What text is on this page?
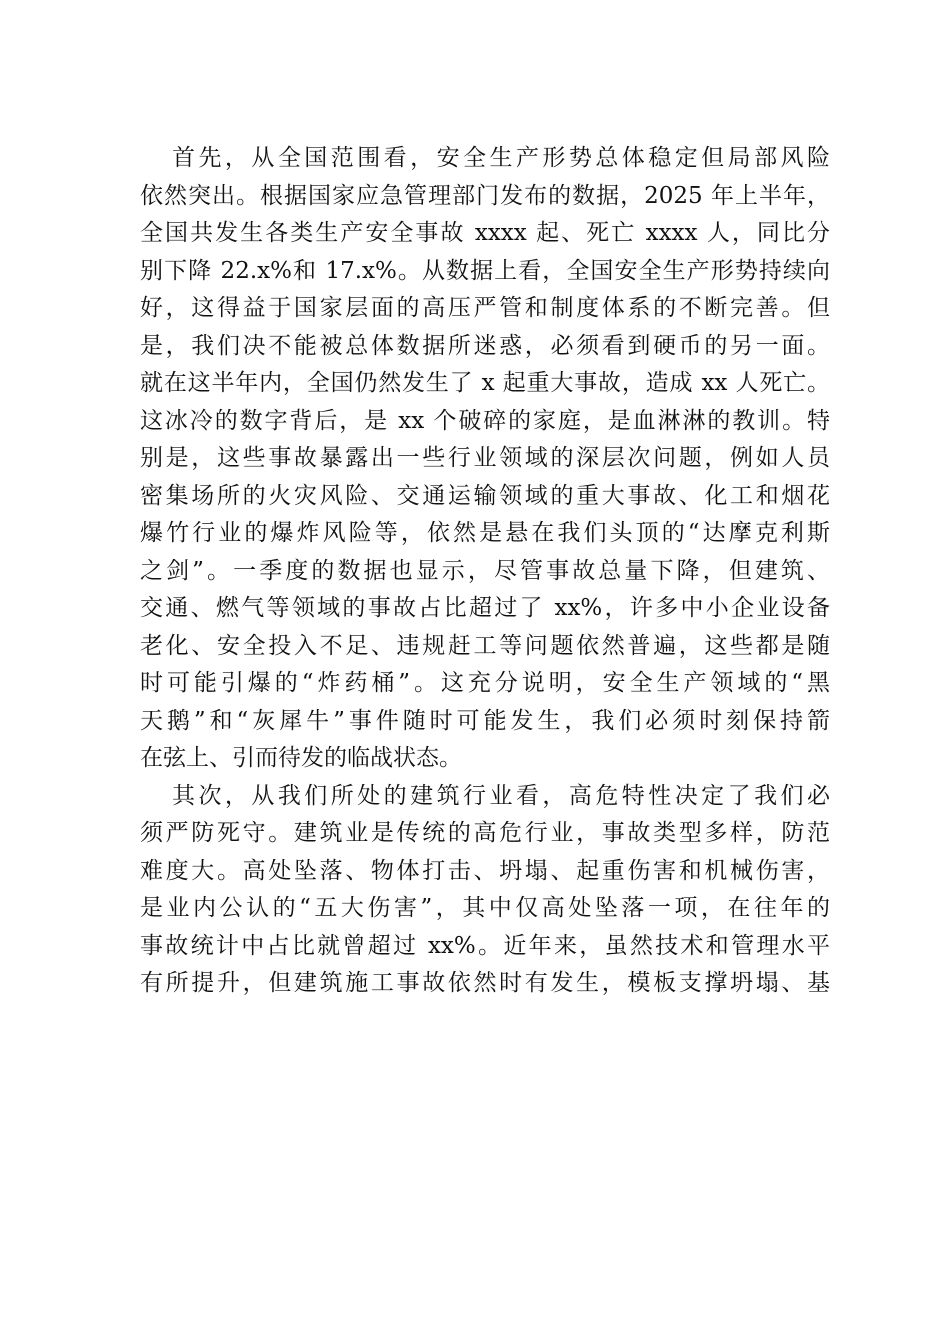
首先，从全国范围看，安全生产形势总体稳定但局部风险
依然突出。根据国家应急管理部门发布的数据，2025 年上半年，
全国共发生各类生产安全事故 xxxx 起、死亡 xxxx 人，同比分
别下降 22.x%和 17.x%。从数据上看，全国安全生产形势持续向
好，这得益于国家层面的高压严管和制度体系的不断完善。但
是，我们决不能被总体数据所迷惑，必须看到硬币的另一面。
就在这半年内，全国仍然发生了 x 起重大事故，造成 xx 人死亡。
这冰冷的数字背后，是 xx 个破碎的家庭，是血淋淋的教训。特
别是，这些事故暴露出一些行业领域的深层次问题，例如人员
密集场所的火灾风险、交通运输领域的重大事故、化工和烟花
爆竹行业的爆炸风险等，依然是悬在我们头顶的“达摩克利斯
之剑”。一季度的数据也显示，尽管事故总量下降，但建筑、
交通、燃气等领域的事故占比超过了 xx%，许多中小企业设备
老化、安全投入不足、违规赶工等问题依然普遍，这些都是随
时可能引爆的“炸药桶”。这充分说明，安全生产领域的“黑
天鹅”和“灰犀牛”事件随时可能发生，我们必须时刻保持箭
在弦上、引而待发的临战状态。
其次，从我们所处的建筑行业看，高危特性决定了我们必
须严防死守。建筑业是传统的高危行业，事故类型多样，防范
难度大。高处坠落、物体打击、坍塌、起重伤害和机械伤害，
是业内公认的“五大伤害”，其中仅高处坠落一项，在往年的
事故统计中占比就曾超过 xx%。近年来，虽然技术和管理水平
有所提升，但建筑施工事故依然时有发生，模板支撑坍塌、基
